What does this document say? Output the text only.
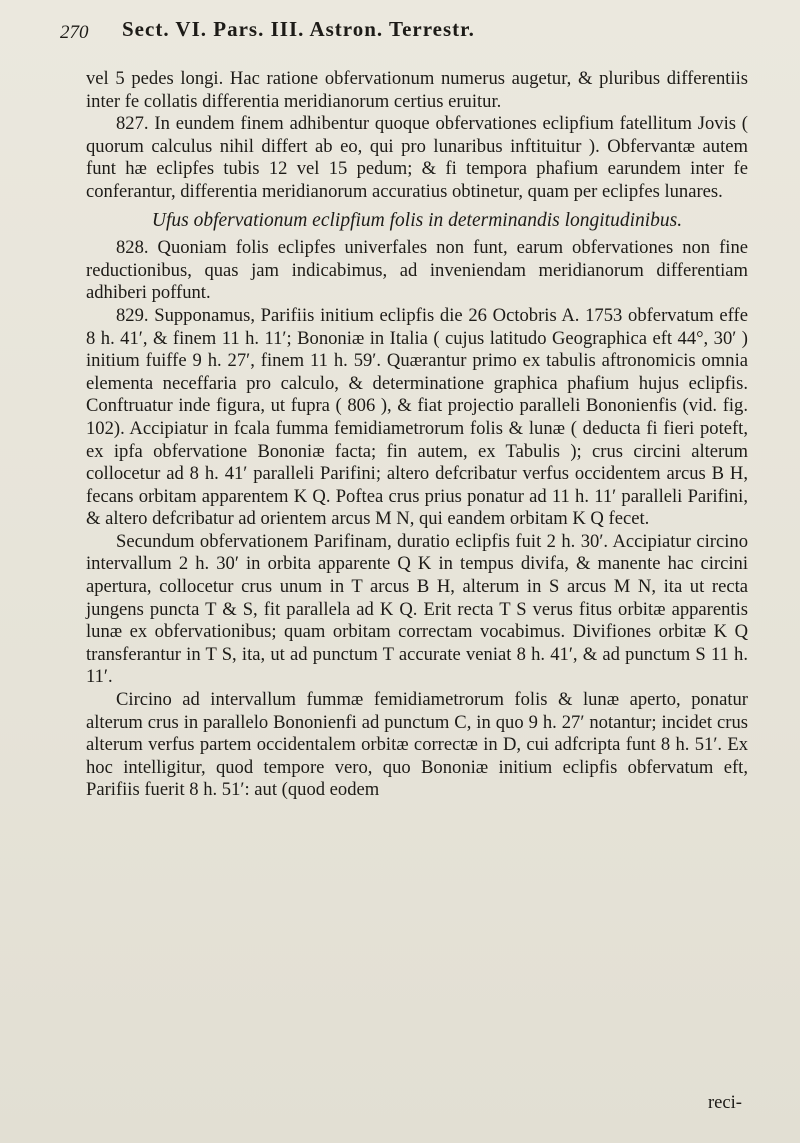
270 Sect. VI. Pars. III. Astron. Terrestr.

vel 5 pedes longi. Hac ratione obfervationum numerus augetur, & pluribus differentiis inter fe collatis differentia meridianorum certius eruitur.

827. In eundem finem adhibentur quoque obfervationes eclipfium fatellitum Jovis ( quorum calculus nihil differt ab eo, qui pro lunaribus inftituitur ). Obfervantæ autem funt hæ eclipfes tubis 12 vel 15 pedum; & fi tempora phafium earundem inter fe conferantur, differentia meridianorum accuratius obtinetur, quam per eclipfes lunares.

Ufus obfervationum eclipfium folis in determinandis longitudinibus.

828. Quoniam folis eclipfes univerfales non funt, earum obfervationes non fine reductionibus, quas jam indicabimus, ad inveniendam meridianorum differentiam adhiberi poffunt.

829. Supponamus, Parifiis initium eclipfis die 26 Octobris A. 1753 obfervatum effe 8 h. 41′, & finem 11 h. 11′; Bononiæ in Italia ( cujus latitudo Geographica eft 44°, 30′ ) initium fuiffe 9 h. 27′, finem 11 h. 59′. Quærantur primo ex tabulis aftronomicis omnia elementa neceffaria pro calculo, & determinatione graphica phafium hujus eclipfis. Conftruatur inde figura, ut fupra ( 806 ), & fiat projectio paralleli Bononienfis (vid. fig. 102). Accipiatur in fcala fumma femidiametrorum folis & lunæ ( deducta fi fieri poteft, ex ipfa obfervatione Bononiæ facta; fin autem, ex Tabulis ); crus circini alterum collocetur ad 8 h. 41′ paralleli Parifini; altero defcribatur verfus occidentem arcus B H, fecans orbitam apparentem K Q. Poftea crus prius ponatur ad 11 h. 11′ paralleli Parifini, & altero defcribatur ad orientem arcus M N, qui eandem orbitam K Q fecet.

Secundum obfervationem Parifinam, duratio eclipfis fuit 2 h. 30′. Accipiatur circino intervallum 2 h. 30′ in orbita apparente Q K in tempus divifa, & manente hac circini apertura, collocetur crus unum in T arcus B H, alterum in S arcus M N, ita ut recta jungens puncta T & S, fit parallela ad K Q. Erit recta T S verus fitus orbitæ apparentis lunæ ex obfervationibus; quam orbitam correctam vocabimus. Divifiones orbitæ K Q transferantur in T S, ita, ut ad punctum T accurate veniat 8 h. 41′, & ad punctum S 11 h. 11′.

Circino ad intervallum fummæ femidiametrorum folis & lunæ aperto, ponatur alterum crus in parallelo Bononienfi ad punctum C, in quo 9 h. 27′ notantur; incidet crus alterum verfus partem occidentalem orbitæ correctæ in D, cui adfcripta funt 8 h. 51′. Ex hoc intelligitur, quod tempore vero, quo Bononiæ initium eclipfis obfervatum eft, Parifiis fuerit 8 h. 51′: aut (quod eodem

reci-
